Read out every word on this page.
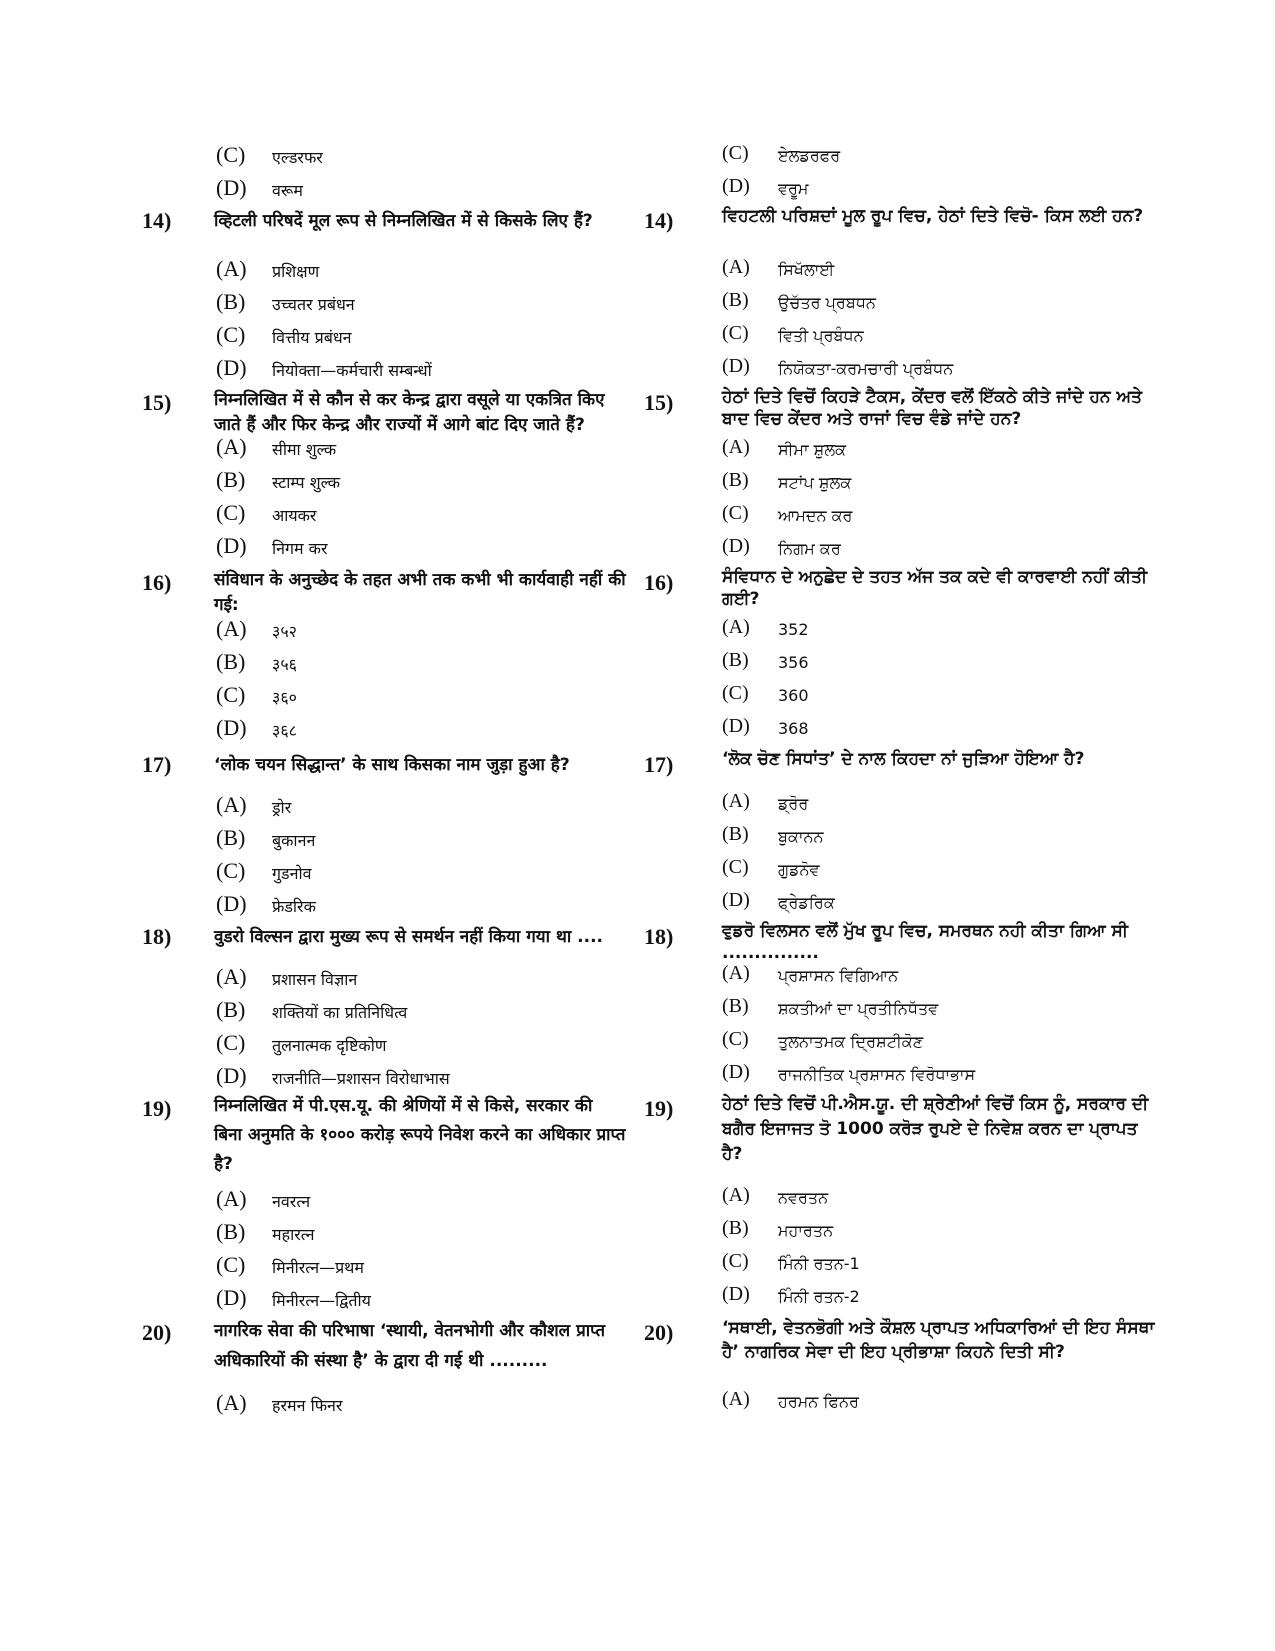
(C) एल्डरफर
(D) वरूम
14)	व्हिटली परिषदें मूल रूप से निम्नलिखित में से किसके लिए हैं?
(A) प्रशिक्षण
(B) उच्चतर प्रबंधन
(C) वित्तीय प्रबंधन
(D) नियोक्ता—कर्मचारी सम्बन्धों
15)	निम्नलिखित में से कौन से कर केन्द्र द्वारा वसूले या एकत्रित किए जाते हैं और फिर केन्द्र और राज्यों में आगे बांट दिए जाते हैं?
(A) सीमा शुल्क
(B) स्टाम्प शुल्क
(C) आयकर
(D) निगम कर
16)	संविधान के अनुच्छेद के तहत अभी तक कभी भी कार्यवाही नहीं की गई:
(A) ३५२
(B) ३५६
(C) ३६०
(D) ३६८
17)	‘लोक चयन सिद्धान्त’ के साथ किसका नाम जुड़ा हुआ है?
(A) ड्रोर
(B) बुकानन
(C) गुडनोव
(D) फ्रेडरिक
18)	वुडरो विल्सन द्वारा मुख्य रूप से समर्थन नहीं किया गया था ....
(A) प्रशासन विज्ञान
(B) शक्तियों का प्रतिनिधित्व
(C) तुलनात्मक दृष्टिकोण
(D) राजनीति—प्रशासन विरोधाभास
19)	निम्नलिखित में पी.एस.यू. की श्रेणियों में से किसे, सरकार की बिना अनुमति के १००० करोड़ रूपये निवेश करने का अधिकार प्राप्त है?
(A) नवरत्न
(B) महारत्न
(C) मिनीरत्न—प्रथम
(D) मिनीरत्न—द्वितीय
20)	नागरिक सेवा की परिभाषा ‘स्थायी, वेतनभोगी और कौशल प्राप्त अधिकारियों की संस्था है’ के द्वारा दी गई थी .........
(A) हरमन फिनर
(C) ਏਲਡਰਫਰ
(D) ਵਰੂਮ
14)	ਵਿਹਟਲੀ ਪਰਿਸ਼ਦਾਂ ਮੂਲ ਰੂਪ ਵਿਚ, ਹੇਠਾਂ ਦਿਤੇ ਵਿਚੋ- ਕਿਸ ਲਈ ਹਨ?
(A) ਸਿਖੱਲਾਈ
(B) ਉਚੱਤਰ ਪ੍ਰਬਧਨ
(C) ਵਿਤੀ ਪ੍ਰਬੰਧਨ
(D) ਨਿਯੋਕਤਾ-ਕਰਮਚਾਰੀ ਪ੍ਰਬੰਧਨ
15)	ਹੇਠਾਂ ਦਿਤੇ ਵਿਚੋਂ ਕਿਹੜੇ ਟੈਕਸ, ਕੇਂਦਰ ਵਲੋਂ ਇੱਕਠੇ ਕੀਤੇ ਜਾਂਦੇ ਹਨ ਅਤੇ ਬਾਦ ਵਿਚ ਕੇਂਦਰ ਅਤੇ ਰਾਜਾਂ ਵਿਚ ਵੰਡੇ ਜਾਂਦੇ ਹਨ?
(A) ਸੀਮਾ ਸ਼ੁਲਕ
(B) ਸਟਾਂਪ ਸ਼ੁਲਕ
(C) ਆਮਦਨ ਕਰ
(D) ਨਿਗਮ ਕਰ
16)	ਸੰਵਿਧਾਨ ਦੇ ਅਨੁਛੇਦ ਦੇ ਤਹਤ ਅੱਜ ਤਕ ਕਦੇ ਵੀ ਕਾਰਵਾਈ ਨਹੀਂ ਕੀਤੀ ਗਈ?
(A) 352
(B) 356
(C) 360
(D) 368
17)	‘ਲੋਕ ਚੋਣ ਸਿਧਾਂਤ’ ਦੇ ਨਾਲ ਕਿਹਦਾ ਨਾਂ ਜੁੜਿਆ ਹੋਇਆ ਹੈ?
(A) ਡ੍ਰੋਰ
(B) ਬੁਕਾਨਨ
(C) ਗੁਡਨੋਵ
(D) ਫ੍ਰੇਡਰਿਕ
18)	ਵੁਡਰੋ ਵਿਲਸਨ ਵਲੋਂ ਮੁੱਖ ਰੂਪ ਵਿਚ, ਸਮਰਥਨ ਨਹੀ ਕੀਤਾ ਗਿਆ ਸੀ ...............
(A) ਪ੍ਰਸ਼ਾਸਨ ਵਿਗਿਆਨ
(B) ਸ਼ਕਤੀਆਂ ਦਾ ਪ੍ਰਤੀਨਿਧੱਤਵ
(C) ਤੁਲਨਾਤਮਕ ਦ੍ਰਿਸ਼ਟੀਕੋਣ
(D) ਰਾਜਨੀਤਿਕ ਪ੍ਰਸ਼ਾਸਨ ਵਿਰੋਧਾਭਾਸ
19)	ਹੇਠਾਂ ਦਿਤੇ ਵਿਚੋਂ ਪੀ.ਐਸ.ਯੂ. ਦੀ ਸ਼੍ਰੇਣੀਆਂ ਵਿਚੋਂ ਕਿਸ ਨੂੰ, ਸਰਕਾਰ ਦੀ ਬਗੈਰ ਇਜਾਜਤ ਤੋ 1000 ਕਰੋੜ ਰੁਪਏ ਦੇ ਨਿਵੇਸ਼ ਕਰਨ ਦਾ ਪ੍ਰਾਪਤ ਹੈ?
(A) ਨਵਰਤਨ
(B) ਮਹਾਰਤਨ
(C) ਮਿੰਨੀ ਰਤਨ-1
(D) ਮਿੰਨੀ ਰਤਨ-2
20)	‘ਸਥਾਈ, ਵੇਤਨਭੋਗੀ ਅਤੇ ਕੌਸ਼ਲ ਪ੍ਰਾਪਤ ਅਧਿਕਾਰਿਆਂ ਦੀ ਇਹ ਸੰਸਥਾ ਹੈ’ ਨਾਗਰਿਕ ਸੇਵਾ ਦੀ ਇਹ ਪ੍ਰੀਭਾਸ਼ਾ ਕਿਹਨੇ ਦਿਤੀ ਸੀ?
(A) ਹਰਮਨ ਫਿਨਰ
